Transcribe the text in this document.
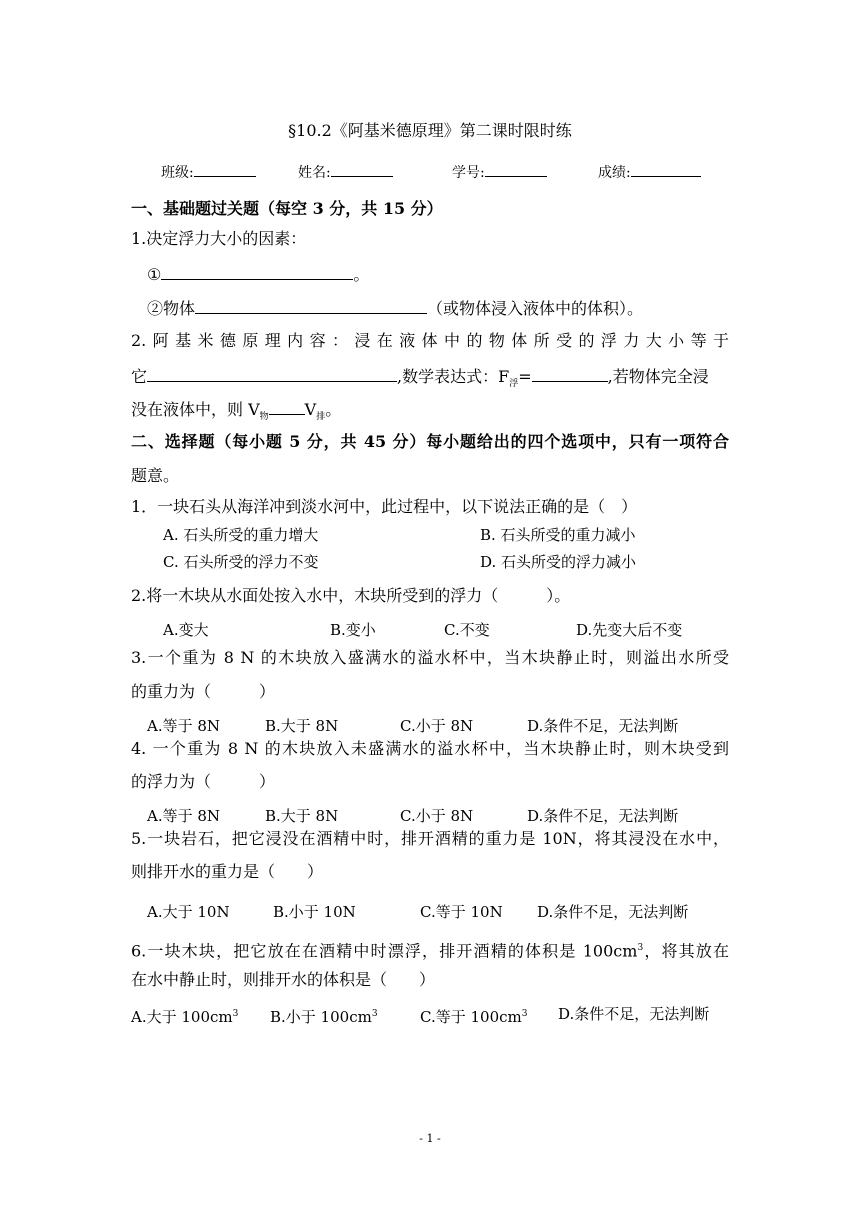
§10.2《阿基米德原理》第二课时限时练
班级:	姓名:	学号:	成绩:
一、基础题过关题（每空 3 分，共 15 分）
1.决定浮力大小的因素：
①	。
②物体	（或物体浸入液体中的体积）。
2.阿基米德原理内容：浸在液体中的物体所受的浮力大小等于
它	,数学表达式：$F_浮=$	,若物体完全浸
没在液体中，则 $V_物$ $V_排$。
二、选择题（每小题 5 分，共 45 分）每小题给出的四个选项中，只有一项符合
题意。
1．一块石头从海洋冲到淡水河中，此过程中，以下说法正确的是（　）
A. 石头所受的重力增大	B. 石头所受的重力减小
C. 石头所受的浮力不变	D. 石头所受的浮力减小
2.将一木块从水面处按入水中，木块所受到的浮力（　　　）。
A.变大	B.变小	C.不变	D.先变大后不变
3.一个重为 8 N 的木块放入盛满水的溢水杯中，当木块静止时，则溢出水所受
的重力为（　　　）
A.等于 8N	B.大于 8N	C.小于 8N	D.条件不足，无法判断
4. 一个重为 8 N 的木块放入未盛满水的溢水杯中，当木块静止时，则木块受到
的浮力为（　　　）
A.等于 8N	B.大于 8N	C.小于 8N	D.条件不足，无法判断
5.一块岩石，把它浸没在酒精中时，排开酒精的重力是 10N，将其浸没在水中，
则排开水的重力是（　　）
A.大于 10N	B.小于 10N	C.等于 10N D.条件不足，无法判断
6.一块木块，把它放在在酒精中时漂浮，排开酒精的体积是 $100cm^3$，将其放在
在水中静止时，则排开水的体积是（　　）
A.大于 $100cm^3$ B.小于 $100cm^3$	C.等于 $100cm^3$ D.条件不足，无法判断
- 1 -
